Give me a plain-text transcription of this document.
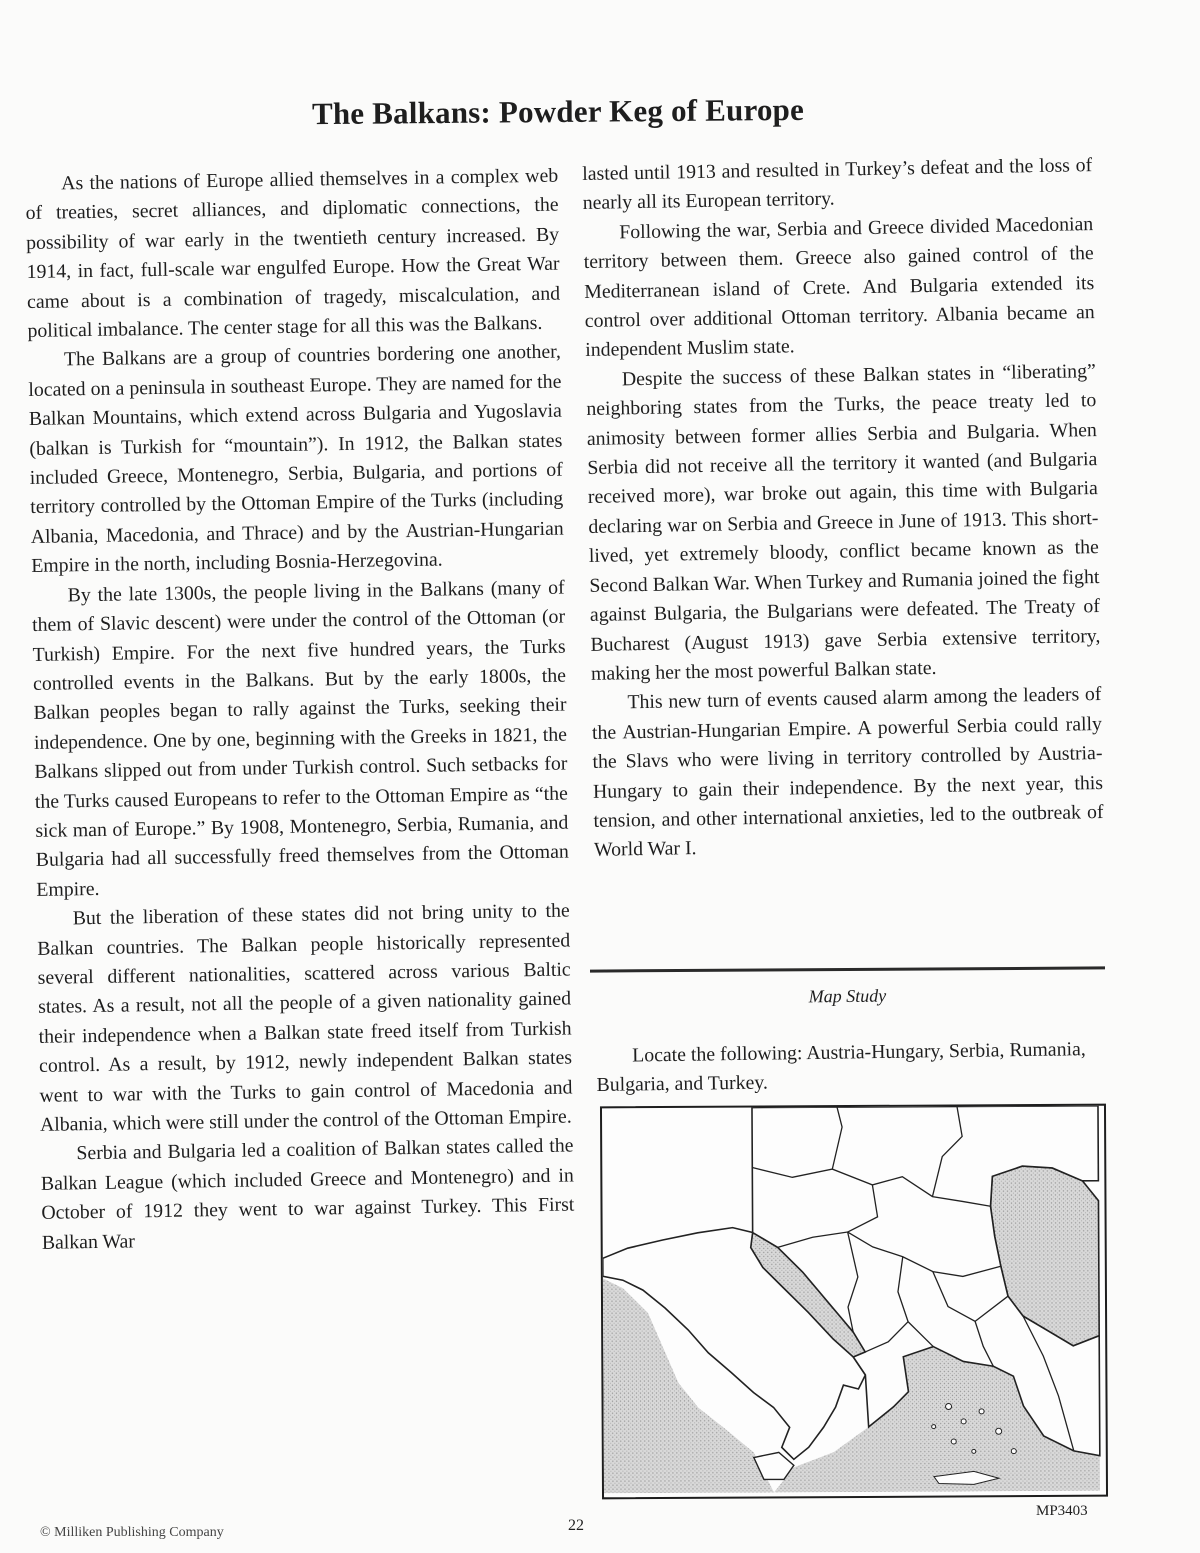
The Balkans: Powder Keg of Europe

As the nations of Europe allied themselves in a complex web of treaties, secret alliances, and diplomatic connections, the possibility of war early in the twentieth century increased. By 1914, in fact, full-scale war engulfed Europe. How the Great War came about is a combination of tragedy, miscalculation, and political imbalance. The center stage for all this was the Balkans.

The Balkans are a group of countries bordering one another, located on a peninsula in southeast Europe. They are named for the Balkan Mountains, which extend across Bulgaria and Yugoslavia (balkan is Turkish for “mountain”). In 1912, the Balkan states included Greece, Montenegro, Serbia, Bulgaria, and portions of territory controlled by the Ottoman Empire of the Turks (including Albania, Macedonia, and Thrace) and by the Austrian-Hungarian Empire in the north, including Bosnia-Herzegovina.

By the late 1300s, the people living in the Balkans (many of them of Slavic descent) were under the control of the Ottoman (or Turkish) Empire. For the next five hundred years, the Turks controlled events in the Balkans. But by the early 1800s, the Balkan peoples began to rally against the Turks, seeking their independence. One by one, beginning with the Greeks in 1821, the Balkans slipped out from under Turkish control. Such setbacks for the Turks caused Europeans to refer to the Ottoman Empire as “the sick man of Europe.” By 1908, Montenegro, Serbia, Rumania, and Bulgaria had all successfully freed themselves from the Ottoman Empire.

But the liberation of these states did not bring unity to the Balkan countries. The Balkan people historically represented several different nationalities, scattered across various Baltic states. As a result, not all the people of a given nationality gained their independence when a Balkan state freed itself from Turkish control. As a result, by 1912, newly independent Balkan states went to war with the Turks to gain control of Macedonia and Albania, which were still under the control of the Ottoman Empire.

Serbia and Bulgaria led a coalition of Balkan states called the Balkan League (which included Greece and Montenegro) and in October of 1912 they went to war against Turkey. This First Balkan War

lasted until 1913 and resulted in Turkey’s defeat and the loss of nearly all its European territory.

Following the war, Serbia and Greece divided Macedonian territory between them. Greece also gained control of the Mediterranean island of Crete. And Bulgaria extended its control over additional Ottoman territory. Albania became an independent Muslim state.

Despite the success of these Balkan states in “liberating” neighboring states from the Turks, the peace treaty led to animosity between former allies Serbia and Bulgaria. When Serbia did not receive all the territory it wanted (and Bulgaria received more), war broke out again, this time with Bulgaria declaring war on Serbia and Greece in June of 1913. This short-lived, yet extremely bloody, conflict became known as the Second Balkan War. When Turkey and Rumania joined the fight against Bulgaria, the Bulgarians were defeated. The Treaty of Bucharest (August 1913) gave Serbia extensive territory, making her the most powerful Balkan state.

This new turn of events caused alarm among the leaders of the Austrian-Hungarian Empire. A powerful Serbia could rally the Slavs who were living in territory controlled by Austria-Hungary to gain their independence. By the next year, this tension, and other international anxieties, led to the outbreak of World War I.

Map Study

Locate the following: Austria-Hungary, Serbia, Rumania, Bulgaria, and Turkey.

© Milliken Publishing Company	22
MP3403
